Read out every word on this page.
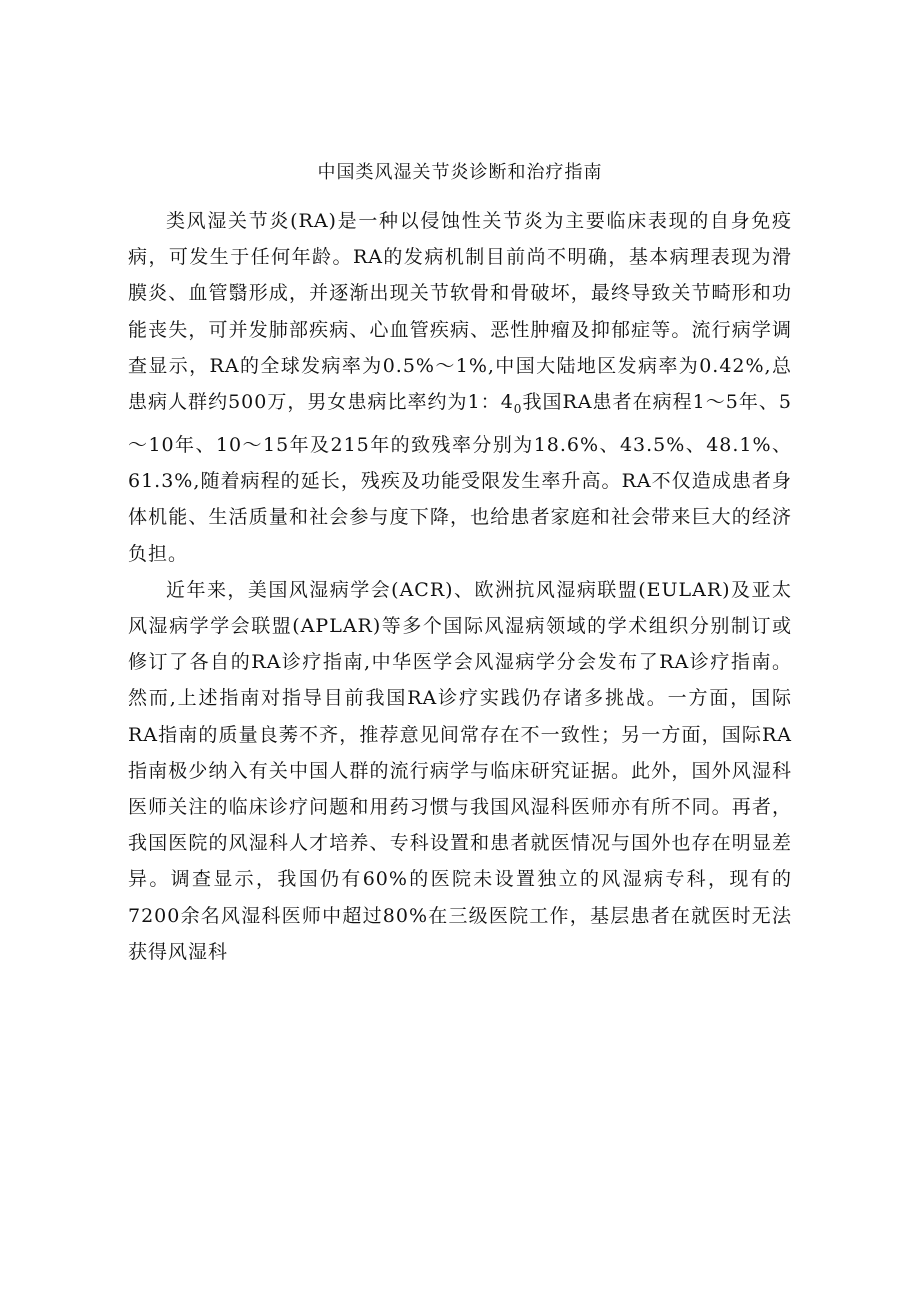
中国类风湿关节炎诊断和治疗指南

类风湿关节炎(RA)是一种以侵蚀性关节炎为主要临床表现的自身免疫病，可发生于任何年龄。RA的发病机制目前尚不明确，基本病理表现为滑膜炎、血管翳形成，并逐渐出现关节软骨和骨破坏，最终导致关节畸形和功能丧失，可并发肺部疾病、心血管疾病、恶性肿瘤及抑郁症等。流行病学调查显示，RA的全球发病率为0.5%～1%,中国大陆地区发病率为0.42%,总患病人群约500万，男女患病比率约为1：$4_0$我国RA患者在病程1～5年、5～10年、10～15年及215年的致残率分别为18.6%、43.5%、48.1%、61.3%,随着病程的延长，残疾及功能受限发生率升高。RA不仅造成患者身体机能、生活质量和社会参与度下降，也给患者家庭和社会带来巨大的经济负担。

近年来，美国风湿病学会(ACR)、欧洲抗风湿病联盟(EULAR)及亚太风湿病学学会联盟(APLAR)等多个国际风湿病领域的学术组织分别制订或修订了各自的RA诊疗指南,中华医学会风湿病学分会发布了RA诊疗指南。然而,上述指南对指导目前我国RA诊疗实践仍存诸多挑战。一方面，国际RA指南的质量良莠不齐，推荐意见间常存在不一致性；另一方面，国际RA指南极少纳入有关中国人群的流行病学与临床研究证据。此外，国外风湿科医师关注的临床诊疗问题和用药习惯与我国风湿科医师亦有所不同。再者，我国医院的风湿科人才培养、专科设置和患者就医情况与国外也存在明显差异。调查显示，我国仍有60%的医院未设置独立的风湿病专科，现有的7200余名风湿科医师中超过80%在三级医院工作，基层患者在就医时无法获得风湿科
